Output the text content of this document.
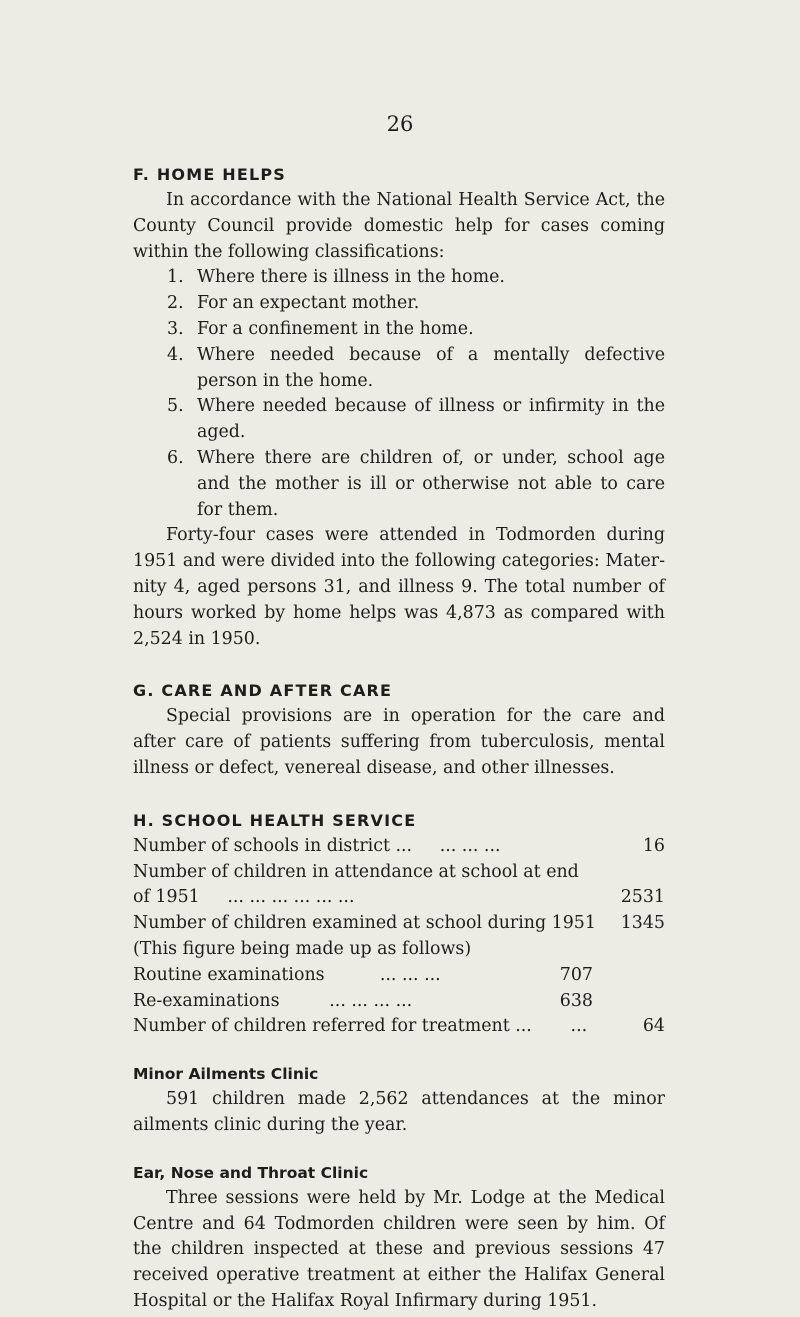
26
F. HOME HELPS

In accordance with the National Health Service Act, the County Council provide domestic help for cases coming within the following classifications:

1. Where there is illness in the home.
2. For an expectant mother.
3. For a confinement in the home.
4. Where needed because of a mentally defective person in the home.
5. Where needed because of illness or infirmity in the aged.
6. Where there are children of, or under, school age and the mother is ill or otherwise not able to care for them.

Forty-four cases were attended in Todmorden during 1951 and were divided into the following categories: Maternity 4, aged persons 31, and illness 9. The total number of hours worked by home helps was 4,873 as compared with 2,524 in 1950.

G. CARE AND AFTER CARE

Special provisions are in operation for the care and after care of patients suffering from tuberculosis, mental illness or defect, venereal disease, and other illnesses.

H. SCHOOL HEALTH SERVICE
Number of schools in district ... ... ... ...	16
Number of children in attendance at school at end
of 1951 ... ... ... ... ... ...	2531
Number of children examined at school during 1951	1345
(This figure being made up as follows)
Routine examinations	... ... ...	707
Re-examinations	... ... ... ...	638
Number of children referred for treatment ... ...	64
Minor Ailments Clinic

591 children made 2,562 attendances at the minor ailments clinic during the year.

Ear, Nose and Throat Clinic

Three sessions were held by Mr. Lodge at the Medical Centre and 64 Todmorden children were seen by him. Of the children inspected at these and previous sessions 47 received operative treatment at either the Halifax General Hospital or the Halifax Royal Infirmary during 1951.
